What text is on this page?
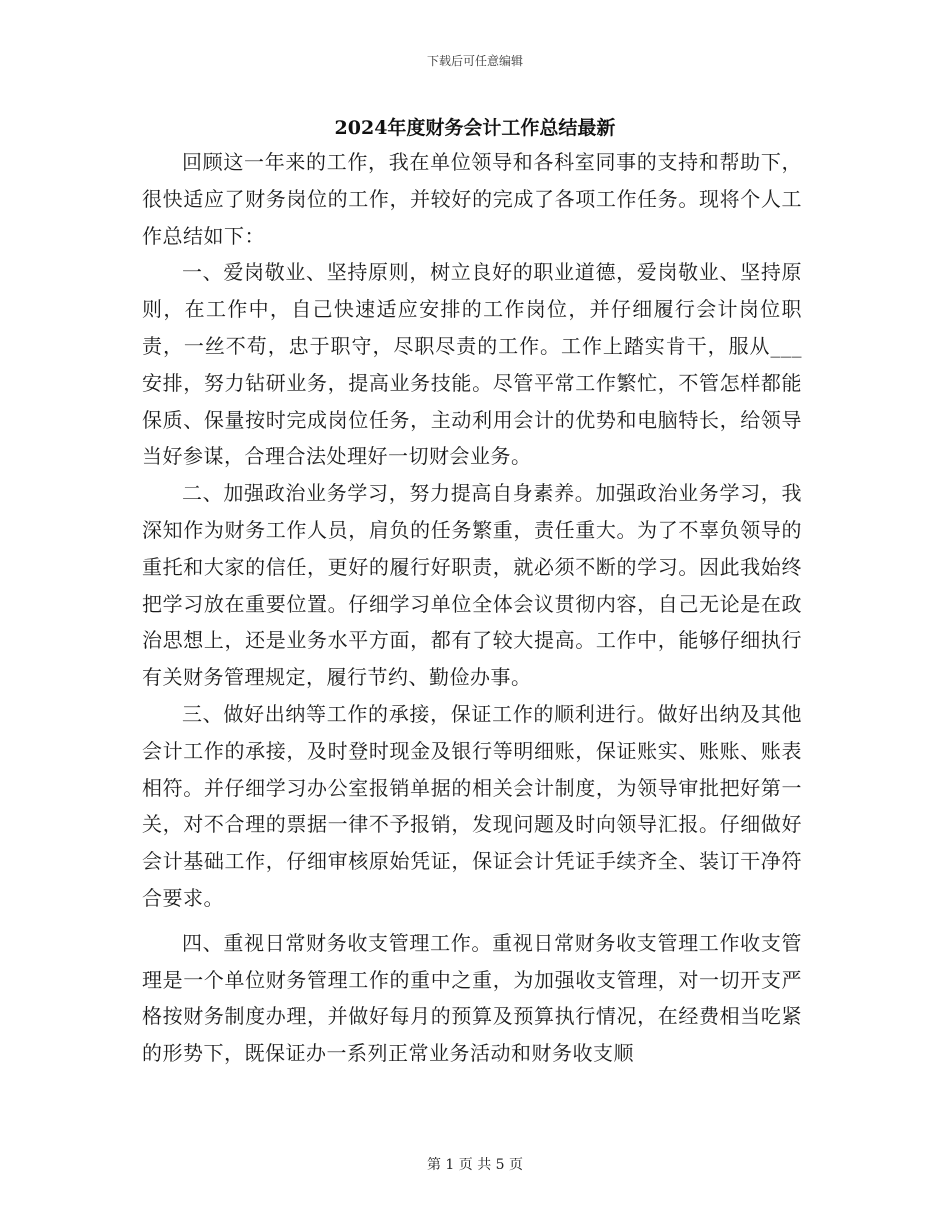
下载后可任意编辑
2024年度财务会计工作总结最新

回顾这一年来的工作，我在单位领导和各科室同事的支持和帮助下，很快适应了财务岗位的工作，并较好的完成了各项工作任务。现将个人工作总结如下：

一、爱岗敬业、坚持原则，树立良好的职业道德，爱岗敬业、坚持原则，在工作中，自己快速适应安排的工作岗位，并仔细履行会计岗位职责，一丝不苟，忠于职守，尽职尽责的工作。工作上踏实肯干，服从___安排，努力钻研业务，提高业务技能。尽管平常工作繁忙，不管怎样都能保质、保量按时完成岗位任务，主动利用会计的优势和电脑特长，给领导当好参谋，合理合法处理好一切财会业务。

二、加强政治业务学习，努力提高自身素养。加强政治业务学习，我深知作为财务工作人员，肩负的任务繁重，责任重大。为了不辜负领导的重托和大家的信任，更好的履行好职责，就必须不断的学习。因此我始终把学习放在重要位置。仔细学习单位全体会议贯彻内容，自己无论是在政治思想上，还是业务水平方面，都有了较大提高。工作中，能够仔细执行有关财务管理规定，履行节约、勤俭办事。

三、做好出纳等工作的承接，保证工作的顺利进行。做好出纳及其他会计工作的承接，及时登时现金及银行等明细账，保证账实、账账、账表相符。并仔细学习办公室报销单据的相关会计制度，为领导审批把好第一关，对不合理的票据一律不予报销，发现问题及时向领导汇报。仔细做好会计基础工作，仔细审核原始凭证，保证会计凭证手续齐全、装订干净符合要求。

四、重视日常财务收支管理工作。重视日常财务收支管理工作收支管理是一个单位财务管理工作的重中之重，为加强收支管理，对一切开支严格按财务制度办理，并做好每月的预算及预算执行情况，在经费相当吃紧的形势下，既保证办一系列正常业务活动和财务收支顺

第 1 页 共 5 页
